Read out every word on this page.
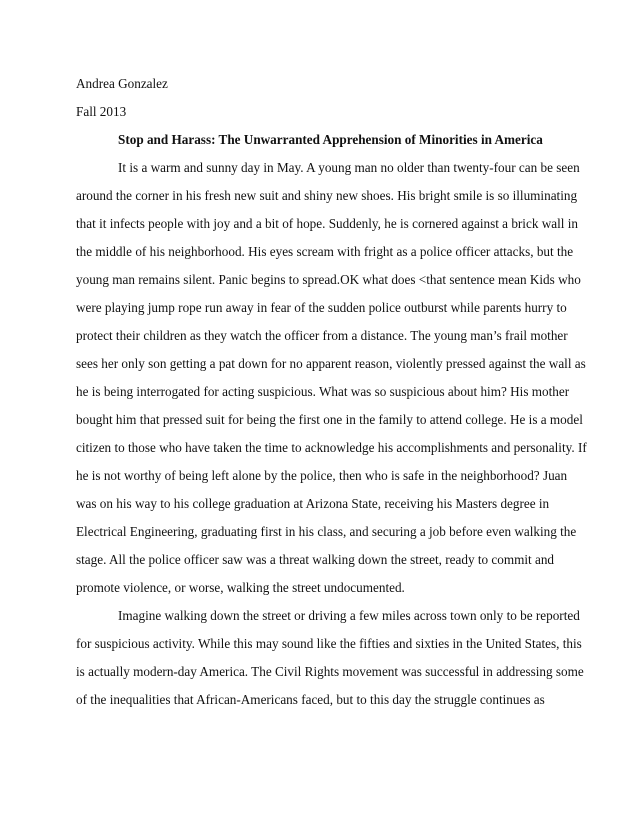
Andrea Gonzalez
Fall 2013
Stop and Harass: The Unwarranted Apprehension of Minorities in America
It is a warm and sunny day in May. A young man no older than twenty-four can be seen
around the corner in his fresh new suit and shiny new shoes. His bright smile is so illuminating
that it infects people with joy and a bit of hope. Suddenly, he is cornered against a brick wall in
the middle of his neighborhood. His eyes scream with fright as a police officer attacks, but the
young man remains silent. Panic begins to spread.OK what does <that sentence mean Kids who
were playing jump rope run away in fear of the sudden police outburst while parents hurry to
protect their children as they watch the officer from a distance. The young man’s frail mother
sees her only son getting a pat down for no apparent reason, violently pressed against the wall as
he is being interrogated for acting suspicious. What was so suspicious about him? His mother
bought him that pressed suit for being the first one in the family to attend college. He is a model
citizen to those who have taken the time to acknowledge his accomplishments and personality. If
he is not worthy of being left alone by the police, then who is safe in the neighborhood? Juan
was on his way to his college graduation at Arizona State, receiving his Masters degree in
Electrical Engineering, graduating first in his class, and securing a job before even walking the
stage. All the police officer saw was a threat walking down the street, ready to commit and
promote violence, or worse, walking the street undocumented.
Imagine walking down the street or driving a few miles across town only to be reported
for suspicious activity. While this may sound like the fifties and sixties in the United States, this
is actually modern-day America. The Civil Rights movement was successful in addressing some
of the inequalities that African-Americans faced, but to this day the struggle continues as
